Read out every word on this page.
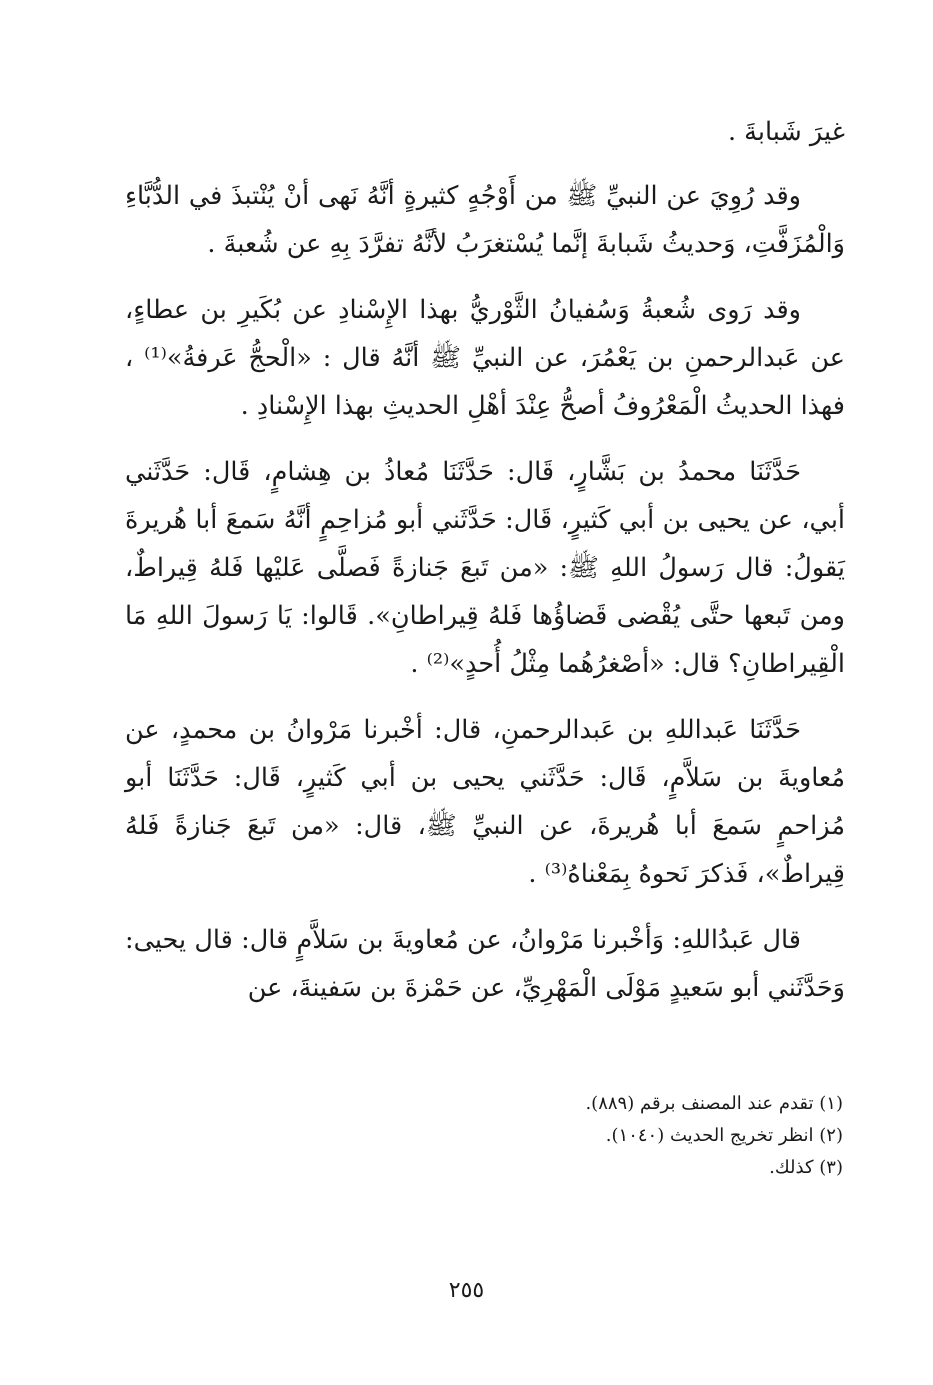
غيرَ شَبابةَ .

وقد رُوِيَ عن النبيِّ ﷺ من أَوْجُهٍ كثيرةٍ أنَّهُ نَهى أنْ يُنْتبذَ في الدُّبَّاءِ وَالْمُزَفَّتِ، وَحديثُ شَبابةَ إنَّما يُسْتغرَبُ لأنَّهُ تفرَّدَ بِهِ عن شُعبةَ .

وقد رَوى شُعبةُ وَسُفيانُ الثَّوْريُّ بهذا الإِسْنادِ عن بُكَيرِ بن عطاءٍ، عن عَبدالرحمنِ بن يَعْمُرَ، عن النبيِّ ﷺ أنَّهُ قال : «الْحجُّ عَرفةُ»⁽¹⁾ ، فهذا الحديثُ الْمَعْرُوفُ أصحُّ عِنْدَ أهْلِ الحديثِ بهذا الإِسْنادِ .

حَدَّثَنَا محمدُ بن بَشَّارٍ، قَال: حَدَّثَنَا مُعاذُ بن هِشامٍ، قَال: حَدَّثَني أبي، عن يحيى بن أبي كَثيرٍ، قَال: حَدَّثَني أبو مُزاحِمٍ أنَّهُ سَمعَ أبا هُريرةَ يَقولُ: قال رَسولُ اللهِ ﷺ: «من تَبعَ جَنازةً فَصلَّى عَليْها فَلهُ قِيراطٌ، ومن تَبعها حتَّى يُقْضى قَضاؤُها فَلهُ قِيراطانِ». قَالوا: يَا رَسولَ اللهِ مَا الْقِيراطانِ؟ قال: «أصْغرُهُما مِثْلُ أُحدٍ»⁽²⁾ .

حَدَّثَنَا عَبداللهِ بن عَبدالرحمنِ، قال: أخْبرنا مَرْوانُ بن محمدٍ، عن مُعاويةَ بن سَلاَّمٍ، قَال: حَدَّثَني يحيى بن أبي كَثيرٍ، قَال: حَدَّثَنَا أبو مُزاحمٍ سَمعَ أبا هُريرةَ، عن النبيِّ ﷺ، قال: «من تَبعَ جَنازةً فَلهُ قِيراطٌ»، فَذكرَ نَحوهُ بِمَعْناهُ⁽³⁾ .

قال عَبدُاللهِ: وَأخْبرنا مَرْوانُ، عن مُعاويةَ بن سَلاَّمٍ قال: قال يحيى: وَحَدَّثَني أبو سَعيدٍ مَوْلَى الْمَهْرِيِّ، عن حَمْزةَ بن سَفينةَ، عن

(١) تقدم عند المصنف برقم (٨٨٩).
(٢) انظر تخريج الحديث (١٠٤٠).
(٣) كذلك.
٢٥٥
